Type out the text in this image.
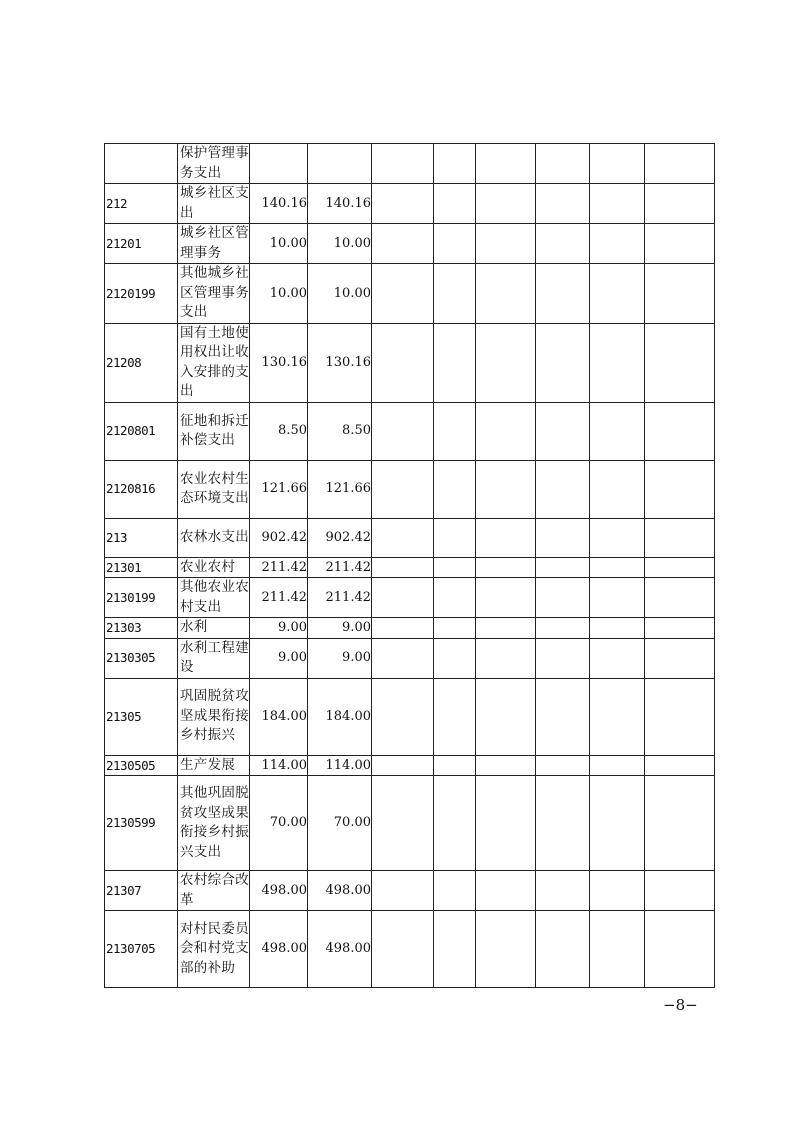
	保护管理事务支出								
212	城乡社区支出	140.16	140.16						
21201	城乡社区管理事务	10.00	10.00						
2120199	其他城乡社区管理事务支出	10.00	10.00						
21208	国有土地使用权出让收入安排的支出	130.16	130.16						
2120801	征地和拆迁补偿支出	8.50	8.50						
2120816	农业农村生态环境支出	121.66	121.66						
213	农林水支出	902.42	902.42						
21301	农业农村	211.42	211.42						
2130199	其他农业农村支出	211.42	211.42						
21303	水利	9.00	9.00						
2130305	水利工程建设	9.00	9.00						
21305	巩固脱贫攻坚成果衔接乡村振兴	184.00	184.00						
2130505	生产发展	114.00	114.00						
2130599	其他巩固脱贫攻坚成果衔接乡村振兴支出	70.00	70.00						
21307	农村综合改革	498.00	498.00						
2130705	对村民委员会和村党支部的补助	498.00	498.00						
−8−
